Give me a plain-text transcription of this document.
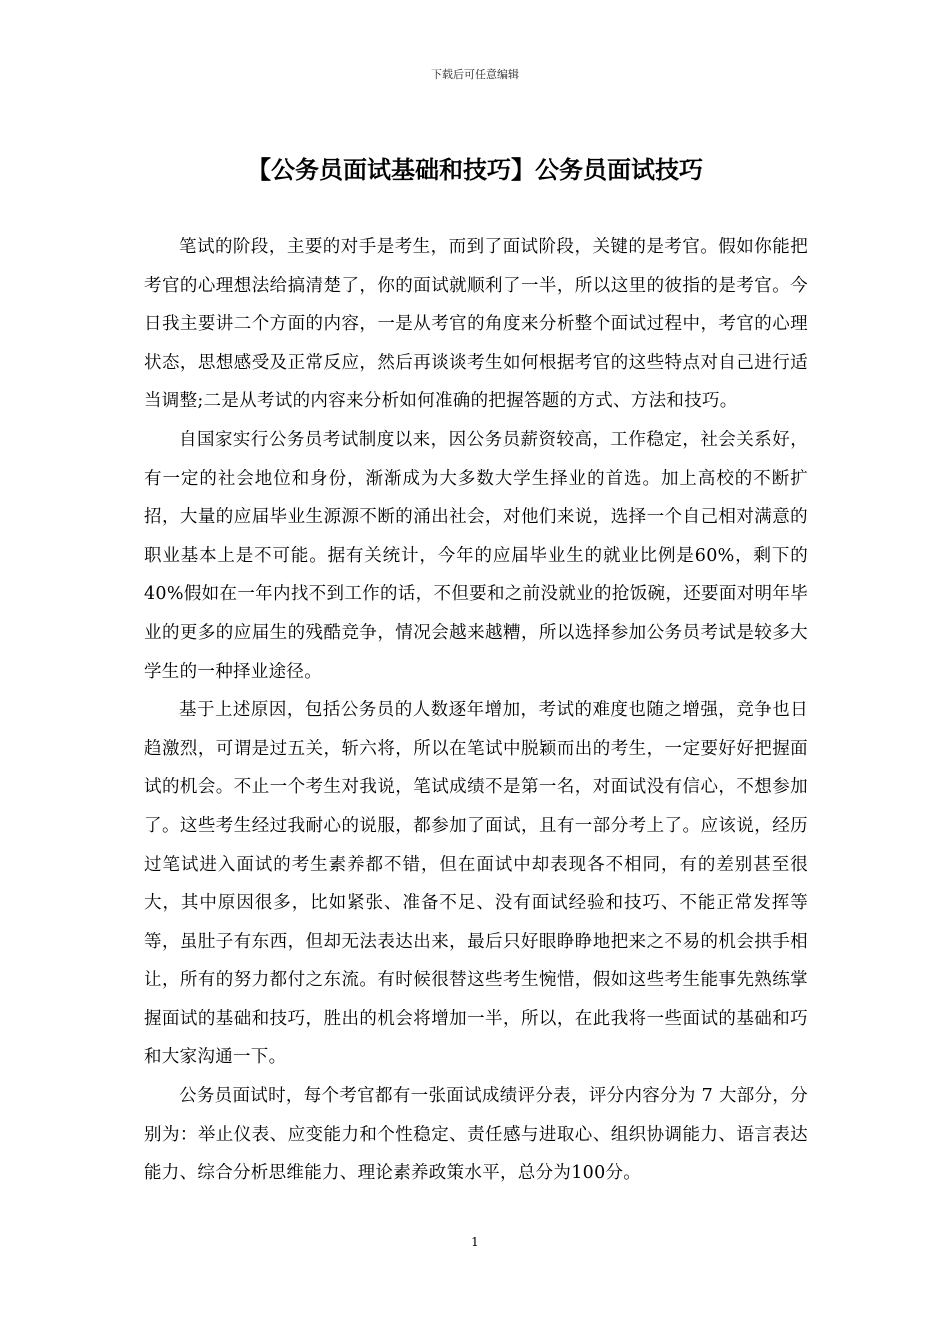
下载后可任意编辑
【公务员面试基础和技巧】公务员面试技巧

笔试的阶段，主要的对手是考生，而到了面试阶段，关键的是考官。假如你能把考官的心理想法给搞清楚了，你的面试就顺利了一半，所以这里的彼指的是考官。今日我主要讲二个方面的内容，一是从考官的角度来分析整个面试过程中，考官的心理状态，思想感受及正常反应，然后再谈谈考生如何根据考官的这些特点对自己进行适当调整;二是从考试的内容来分析如何准确的把握答题的方式、方法和技巧。

自国家实行公务员考试制度以来，因公务员薪资较高，工作稳定，社会关系好，有一定的社会地位和身份，渐渐成为大多数大学生择业的首选。加上高校的不断扩招，大量的应届毕业生源源不断的涌出社会，对他们来说，选择一个自己相对满意的职业基本上是不可能。据有关统计，今年的应届毕业生的就业比例是60%，剩下的40%假如在一年内找不到工作的话，不但要和之前没就业的抢饭碗，还要面对明年毕业的更多的应届生的残酷竞争，情况会越来越糟，所以选择参加公务员考试是较多大学生的一种择业途径。

基于上述原因，包括公务员的人数逐年增加，考试的难度也随之增强，竞争也日趋激烈，可谓是过五关，斩六将，所以在笔试中脱颖而出的考生，一定要好好把握面试的机会。不止一个考生对我说，笔试成绩不是第一名，对面试没有信心，不想参加了。这些考生经过我耐心的说服，都参加了面试，且有一部分考上了。应该说，经历过笔试进入面试的考生素养都不错，但在面试中却表现各不相同，有的差别甚至很大，其中原因很多，比如紧张、准备不足、没有面试经验和技巧、不能正常发挥等等，虽肚子有东西，但却无法表达出来，最后只好眼睁睁地把来之不易的机会拱手相让，所有的努力都付之东流。有时候很替这些考生惋惜，假如这些考生能事先熟练掌握面试的基础和技巧，胜出的机会将增加一半，所以，在此我将一些面试的基础和巧和大家沟通一下。

公务员面试时，每个考官都有一张面试成绩评分表，评分内容分为 7 大部分，分别为：举止仪表、应变能力和个性稳定、责任感与进取心、组织协调能力、语言表达能力、综合分析思维能力、理论素养政策水平，总分为100分。

1
